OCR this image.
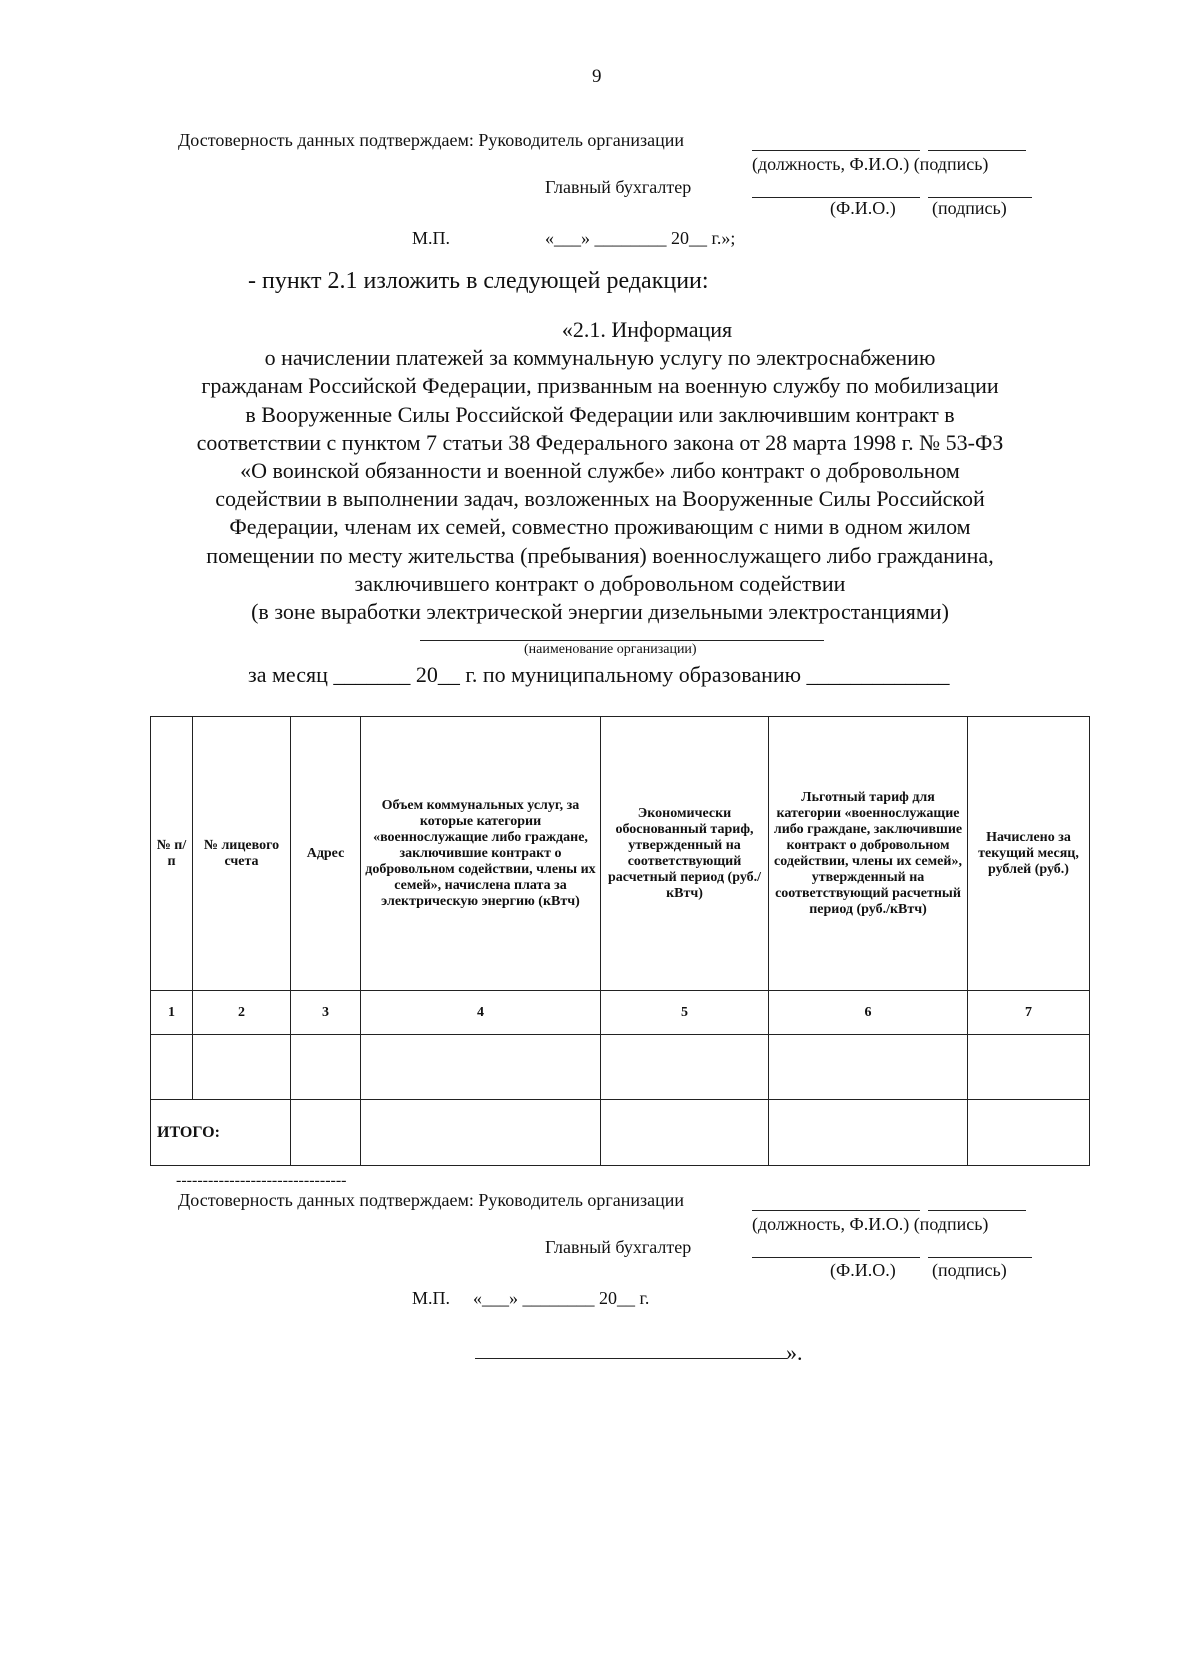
9
Достоверность данных подтверждаем: Руководитель организации
(должность, Ф.И.О.) (подпись)
Главный бухгалтер
(Ф.И.О.) (подпись)
М.П.	«___» ________ 20__ г.»;
- пункт 2.1 изложить в следующей редакции:
«2.1. Информация
о начислении платежей за коммунальную услугу по электроснабжению
гражданам Российской Федерации, призванным на военную службу по мобилизации
в Вооруженные Силы Российской Федерации или заключившим контракт в
соответствии с пунктом 7 статьи 38 Федерального закона от 28 марта 1998 г. № 53-ФЗ
«О воинской обязанности и военной службе» либо контракт о добровольном
содействии в выполнении задач, возложенных на Вооруженные Силы Российской
Федерации, членам их семей, совместно проживающим с ними в одном жилом
помещении по месту жительства (пребывания) военнослужащего либо гражданина,
заключившего контракт о добровольном содействии
(в зоне выработки электрической энергии дизельными электростанциями)
(наименование организации)
за месяц _______ 20__ г. по муниципальному образованию _____________
№ п/п	№ лицевого счета	Адрес	Объем коммунальных услуг, за которые категории «военнослужащие либо граждане, заключившие контракт о добровольном содействии, члены их семей», начислена плата за электрическую энергию (кВтч)	Экономически обоснованный тариф, утвержденный на соответствующий расчетный период (руб./кВтч)	Льготный тариф для категории «военнослужащие либо граждане, заключившие контракт о добровольном содействии, члены их семей», утвержденный на соответствующий расчетный период (руб./кВтч)	Начислено за текущий месяц, рублей (руб.)
1	2	3	4	5	6	7

ИТОГО:						
--------------------------------
Достоверность данных подтверждаем: Руководитель организации
(должность, Ф.И.О.) (подпись)
Главный бухгалтер
(Ф.И.О.) (подпись)
М.П. «___» ________ 20__ г.
».
